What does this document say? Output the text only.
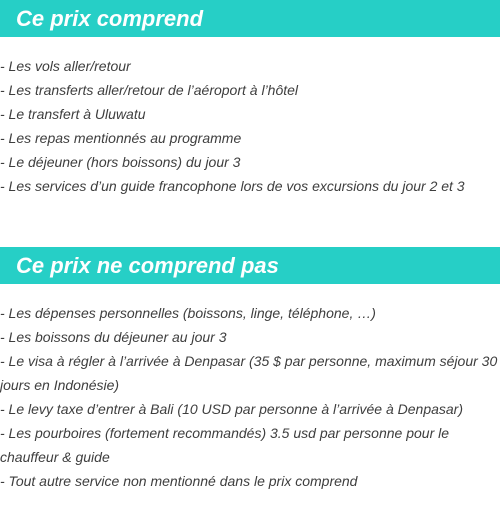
Ce prix comprend
- Les vols aller/retour
- Les transferts aller/retour de l’aéroport à l’hôtel
- Le transfert à Uluwatu
- Les repas mentionnés au programme
- Le déjeuner (hors boissons) du jour 3
- Les services d’un guide francophone lors de vos excursions du jour 2 et 3
Ce prix ne comprend pas
- Les dépenses personnelles (boissons, linge, téléphone, …)
- Les boissons du déjeuner au jour 3
- Le visa à régler à l’arrivée à Denpasar (35 $ par personne, maximum séjour 30 jours en Indonésie)
- Le levy taxe d’entrer à Bali (10 USD par personne à l’arrivée à Denpasar)
- Les pourboires (fortement recommandés) 3.5 usd par personne pour le chauffeur & guide
- Tout autre service non mentionné dans le prix comprend
